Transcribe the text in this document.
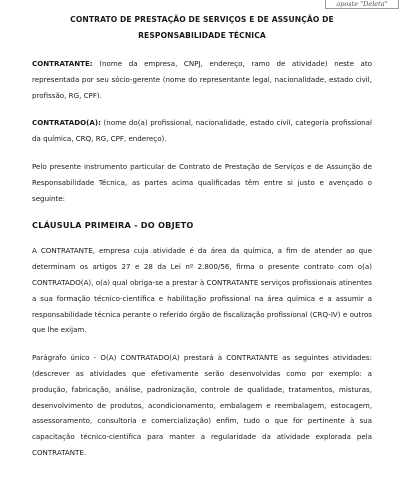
aposte "Deleta"
CONTRATO DE PRESTAÇÃO DE SERVIÇOS E DE ASSUNÇÃO DE RESPONSABILIDADE TÉCNICA

CONTRATANTE: (nome da empresa, CNPJ, endereço, ramo de atividade) neste ato representada por seu sócio-gerente (nome do representante legal, nacionalidade, estado civil, profissão, RG, CPF).

CONTRATADO(A): (nome do(a) profissional, nacionalidade, estado civil, categoria profissional da química, CRQ, RG, CPF, endereço).

Pelo presente instrumento particular de Contrato de Prestação de Serviços e de Assunção de Responsabilidade Técnica, as partes acima qualificadas têm entre si justo e avençado o seguinte:

CLÁUSULA PRIMEIRA - DO OBJETO

A CONTRATANTE, empresa cuja atividade é da área da química, a fim de atender ao que determinam os artigos 27 e 28 da Lei nº 2.800/56, firma o presente contrato com o(a) CONTRATADO(A), o(a) qual obriga-se a prestar à CONTRATANTE serviços profissionais atinentes a sua formação técnico-científica e habilitação profissional na área química e a assumir a responsabilidade técnica perante o referido órgão de fiscalização profissional (CRQ-IV) e outros que lhe exijam.

Parágrafo único - O(A) CONTRATADO(A) prestará à CONTRATANTE as seguintes atividades: (descrever as atividades que efetivamente serão desenvolvidas como por exemplo: a produção, fabricação, análise, padronização, controle de qualidade, tratamentos, misturas, desenvolvimento de produtos, acondicionamento, embalagem e reembalagem, estocagem, assessoramento, consultoria e comercialização) enfim, tudo o que for pertinente à sua capacitação técnico-científica para manter a regularidade da atividade explorada pela CONTRATANTE.
